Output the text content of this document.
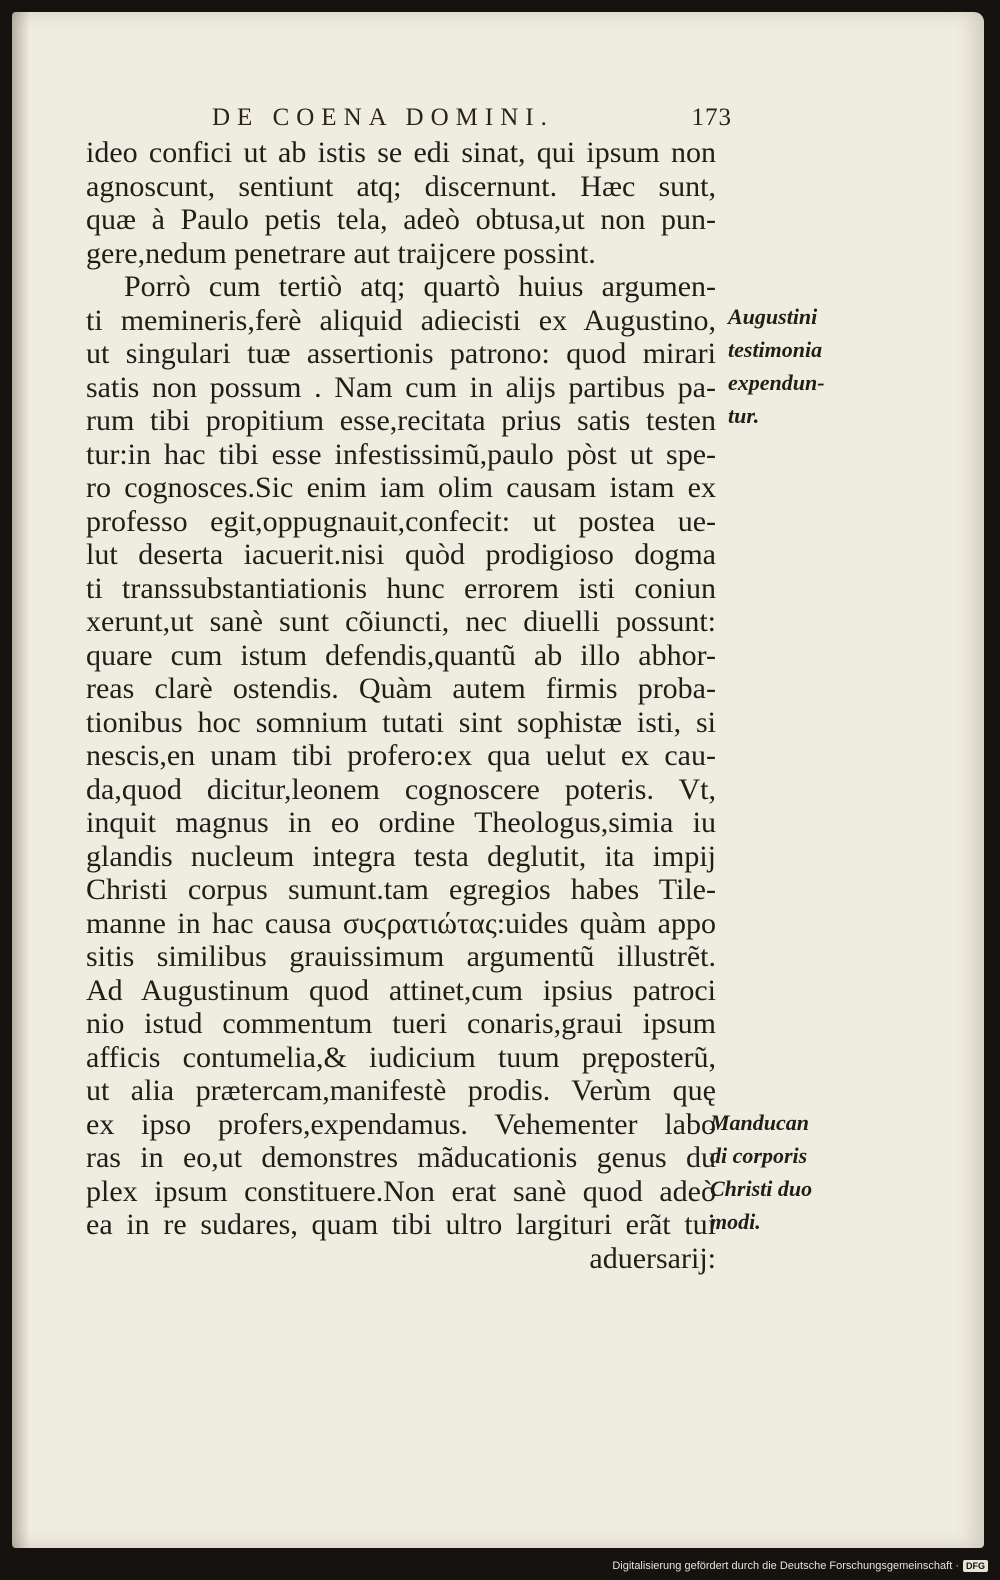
DE COENA DOMINI.	173
ideo confici ut ab istis se edi sinat, qui ipsum non
agnoscunt, sentiunt atq; discernunt. Hæc sunt,
quæ à Paulo petis tela, adeò obtusa,ut non pun-
gere,nedum penetrare aut traijcere possint.
Porrò cum tertiò atq; quartò huius argumen-
ti memineris,ferè aliquid adiecisti ex Augustino,
ut singulari tuæ assertionis patrono: quod mirari
satis non possum . Nam cum in alijs partibus pa-
rum tibi propitium esse,recitata prius satis testen
tur:in hac tibi esse infestissimũ,paulo pòst ut spe-
ro cognosces.Sic enim iam olim causam istam ex
professo egit,oppugnauit,confecit: ut postea ue-
lut deserta iacuerit.nisi quòd prodigioso dogma
ti transsubstantiationis hunc errorem isti coniun
xerunt,ut sanè sunt cõiuncti, nec diuelli possunt:
quare cum istum defendis,quantũ ab illo abhor-
reas clarè ostendis. Quàm autem firmis proba-
tionibus hoc somnium tutati sint sophistæ isti, si
nescis,en unam tibi profero:ex qua uelut ex cau-
da,quod dicitur,leonem cognoscere poteris. Vt,
inquit magnus in eo ordine Theologus,simia iu
glandis nucleum integra testa deglutit, ita impij
Christi corpus sumunt.tam egregios habes Tile-
manne in hac causa συϛρατιώτας:uides quàm appo
sitis similibus grauissimum argumentũ illustrẽt.
Ad Augustinum quod attinet,cum ipsius patroci
nio istud commentum tueri conaris,graui ipsum
afficis contumelia,& iudicium tuum pręposterũ,
ut alia prætercam,manifestè prodis. Verùm quę
ex ipso profers,expendamus. Vehementer labo
ras in eo,ut demonstres mãducationis genus du
plex ipsum constituere.Non erat sanè quod adeò
ea in re sudares, quam tibi ultro largituri erãt tui
aduersarij:
Augustini
testimonia
expendun-
tur.
Manducan
di corporis
Christi duo
modi.
Digitalisierung gefördert durch die Deutsche Forschungsgemeinschaft · DFG
